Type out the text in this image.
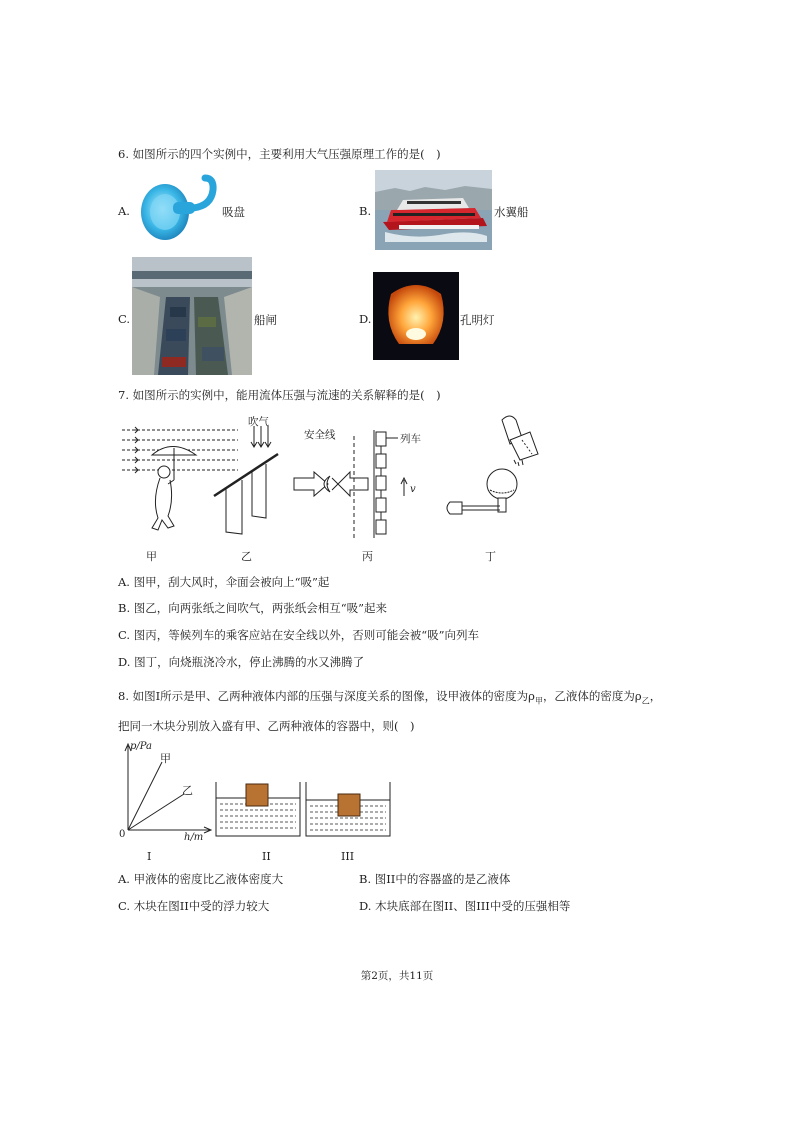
6. 如图所示的四个实例中，主要利用大气压强原理工作的是(　)
A.	吸盘	B.	水翼船
C.	船闸	D.	孔明灯
7. 如图所示的实例中，能用流体压强与流速的关系解释的是(　)
吹气
安全线	列车
v
甲	乙	丙	丁
A. 图甲，刮大风时，伞面会被向上“吸”起
B. 图乙，向两张纸之间吹气，两张纸会相互“吸”起来
C. 图丙，等候列车的乘客应站在安全线以外，否则可能会被“吸”向列车
D. 图丁，向烧瓶浇冷水，停止沸腾的水又沸腾了
8. 如图I所示是甲、乙两种液体内部的压强与深度关系的图像，设甲液体的密度为$\rho_甲$，乙液体的密度为$\rho_乙$，
把同一木块分别放入盛有甲、乙两种液体的容器中，则(　)
p/Pa
h/m
0
甲
乙
I	II	III
A. 甲液体的密度比乙液体密度大	B. 图II中的容器盛的是乙液体
C. 木块在图II中受的浮力较大	D. 木块底部在图II、图III中受的压强相等
第2页，共11页
